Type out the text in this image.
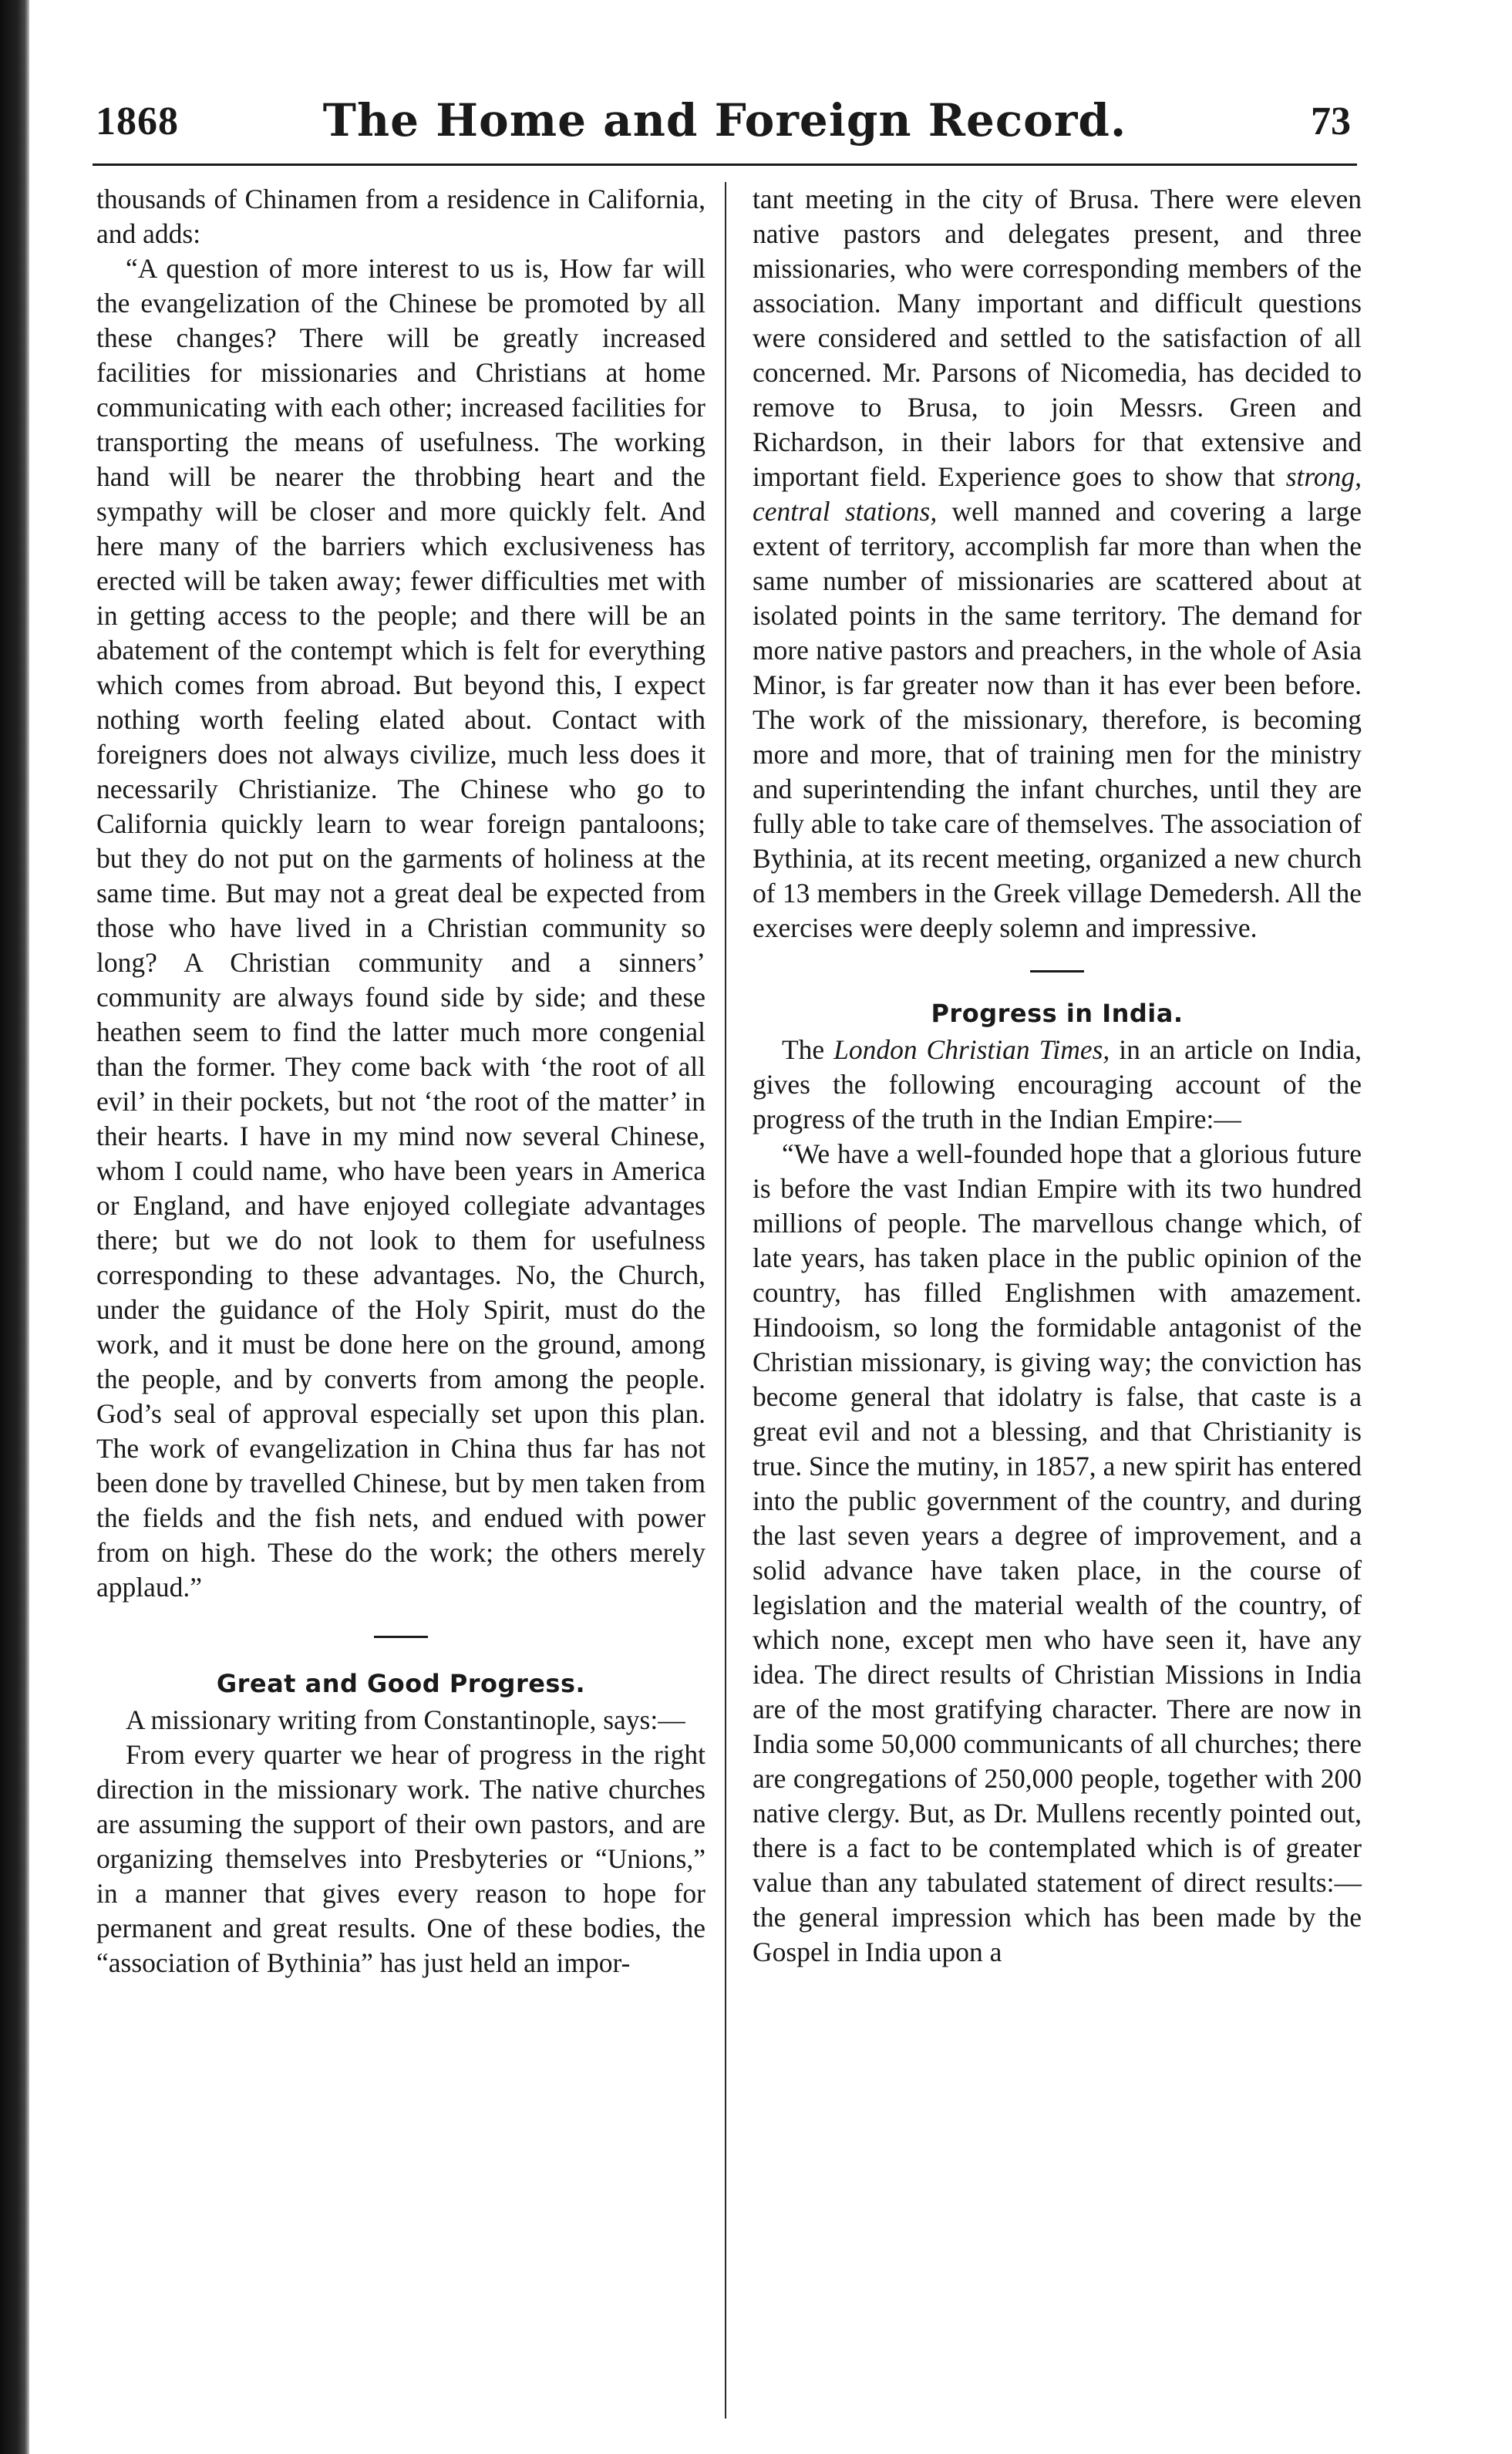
1868	The Home and Foreign Record.	73

thousands of Chinamen from a residence in California, and adds:

“A question of more interest to us is, How far will the evangelization of the Chinese be promoted by all these changes? There will be greatly increased facilities for missionaries and Christians at home communicating with each other; increased facilities for transporting the means of usefulness. The working hand will be nearer the throbbing heart and the sympathy will be closer and more quickly felt. And here many of the barriers which exclusiveness has erected will be taken away; fewer difficulties met with in getting access to the people; and there will be an abatement of the contempt which is felt for everything which comes from abroad. But beyond this, I expect nothing worth feeling elated about. Contact with foreigners does not always civilize, much less does it necessarily Christianize. The Chinese who go to California quickly learn to wear foreign pantaloons; but they do not put on the garments of holiness at the same time. But may not a great deal be expected from those who have lived in a Christian community so long? A Christian community and a sinners’ community are always found side by side; and these heathen seem to find the latter much more congenial than the former. They come back with ‘the root of all evil’ in their pockets, but not ‘the root of the matter’ in their hearts. I have in my mind now several Chinese, whom I could name, who have been years in America or England, and have enjoyed collegiate advantages there; but we do not look to them for usefulness corresponding to these advantages. No, the Church, under the guidance of the Holy Spirit, must do the work, and it must be done here on the ground, among the people, and by converts from among the people. God’s seal of approval especially set upon this plan. The work of evangelization in China thus far has not been done by travelled Chinese, but by men taken from the fields and the fish nets, and endued with power from on high. These do the work; the others merely applaud.”

Great and Good Progress.

A missionary writing from Constantinople, says:—

From every quarter we hear of progress in the right direction in the missionary work. The native churches are assuming the support of their own pastors, and are organizing themselves into Presbyteries or “Unions,” in a manner that gives every reason to hope for permanent and great results. One of these bodies, the “association of Bythinia” has just held an impor-

tant meeting in the city of Brusa. There were eleven native pastors and delegates present, and three missionaries, who were corresponding members of the association. Many important and difficult questions were considered and settled to the satisfaction of all concerned. Mr. Parsons of Nicomedia, has decided to remove to Brusa, to join Messrs. Green and Richardson, in their labors for that extensive and important field. Experience goes to show that strong, central stations, well manned and covering a large extent of territory, accomplish far more than when the same number of missionaries are scattered about at isolated points in the same territory. The demand for more native pastors and preachers, in the whole of Asia Minor, is far greater now than it has ever been before. The work of the missionary, therefore, is becoming more and more, that of training men for the ministry and superintending the infant churches, until they are fully able to take care of themselves. The association of Bythinia, at its recent meeting, organized a new church of 13 members in the Greek village Demedersh. All the exercises were deeply solemn and impressive.

Progress in India.

The London Christian Times, in an article on India, gives the following encouraging account of the progress of the truth in the Indian Empire:—

“We have a well-founded hope that a glorious future is before the vast Indian Empire with its two hundred millions of people. The marvellous change which, of late years, has taken place in the public opinion of the country, has filled Englishmen with amazement. Hindooism, so long the formidable antagonist of the Christian missionary, is giving way; the conviction has become general that idolatry is false, that caste is a great evil and not a blessing, and that Christianity is true. Since the mutiny, in 1857, a new spirit has entered into the public government of the country, and during the last seven years a degree of improvement, and a solid advance have taken place, in the course of legislation and the material wealth of the country, of which none, except men who have seen it, have any idea. The direct results of Christian Missions in India are of the most gratifying character. There are now in India some 50,000 communicants of all churches; there are congregations of 250,000 people, together with 200 native clergy. But, as Dr. Mullens recently pointed out, there is a fact to be contemplated which is of greater value than any tabulated statement of direct results:—the general impression which has been made by the Gospel in India upon a
